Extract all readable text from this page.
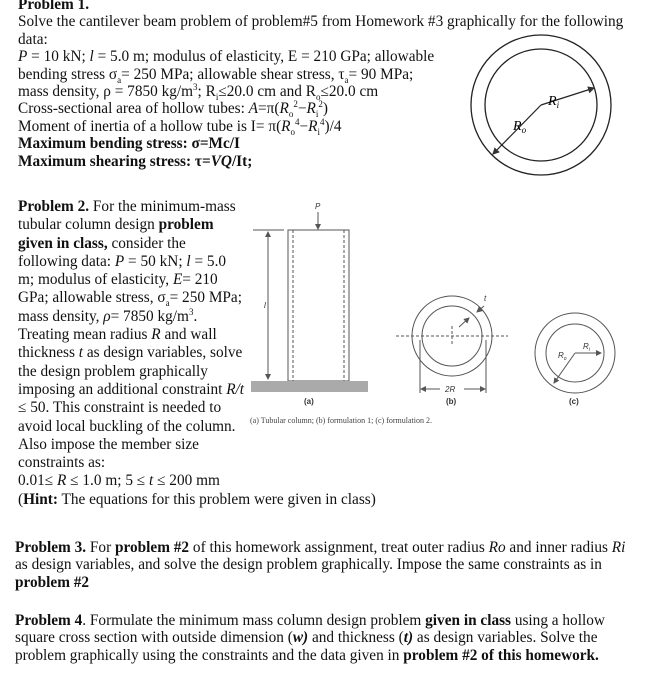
Problem 1.
Solve the cantilever beam problem of problem#5 from Homework #3 graphically for the following
data:
P = 10 kN; l = 5.0 m; modulus of elasticity, E = 210 GPa; allowable
bending stress $\sigma_a= 250$ MPa; allowable shear stress, $\tau_a= 90$ MPa;
mass density, ρ = 7850 $kg/m^3$; $R_i\le 20.0$ cm and $R_o\le 20.0$ cm
Cross-sectional area of hollow tubes: $A=\pi(R_o^2-R_i^2)$
Moment of inertia of a hollow tube is $I= \pi(R_o^4-R_i^4)/4$
Maximum bending stress: σ=Mc/I
Maximum shearing stress: τ=VQ/It;
Problem 2. For the minimum-mass
tubular column design problem
given in class, consider the
following data: P = 50 kN; l = 5.0
m; modulus of elasticity, E= 210
GPa; allowable stress, $\sigma_a= 250$ MPa;
mass density, ρ= 7850 $kg/m^3$.
Treating mean radius R and wall
thickness t as design variables, solve
the design problem graphically
imposing an additional constraint R/t
≤ 50. This constraint is needed to
avoid local buckling of the column.
Also impose the member size
constraints as:
0.01≤ R ≤ 1.0 m; 5 ≤ t ≤ 200 mm
(Hint: The equations for this problem were given in class)
Problem 3. For problem #2 of this homework assignment, treat outer radius Ro and inner radius Ri
as design variables, and solve the design problem graphically. Impose the same constraints as in
problem #2
Problem 4. Formulate the minimum mass column design problem given in class using a hollow
square cross section with outside dimension (w) and thickness (t) as design variables. Solve the
problem graphically using the constraints and the data given in problem #2 of this homework.
$R_i$
$R_o$
P
l
(a)
t
2R
(b)
$R_i$
$R_o$
(c)
(a) Tubular column; (b) formulation 1; (c) formulation 2.
